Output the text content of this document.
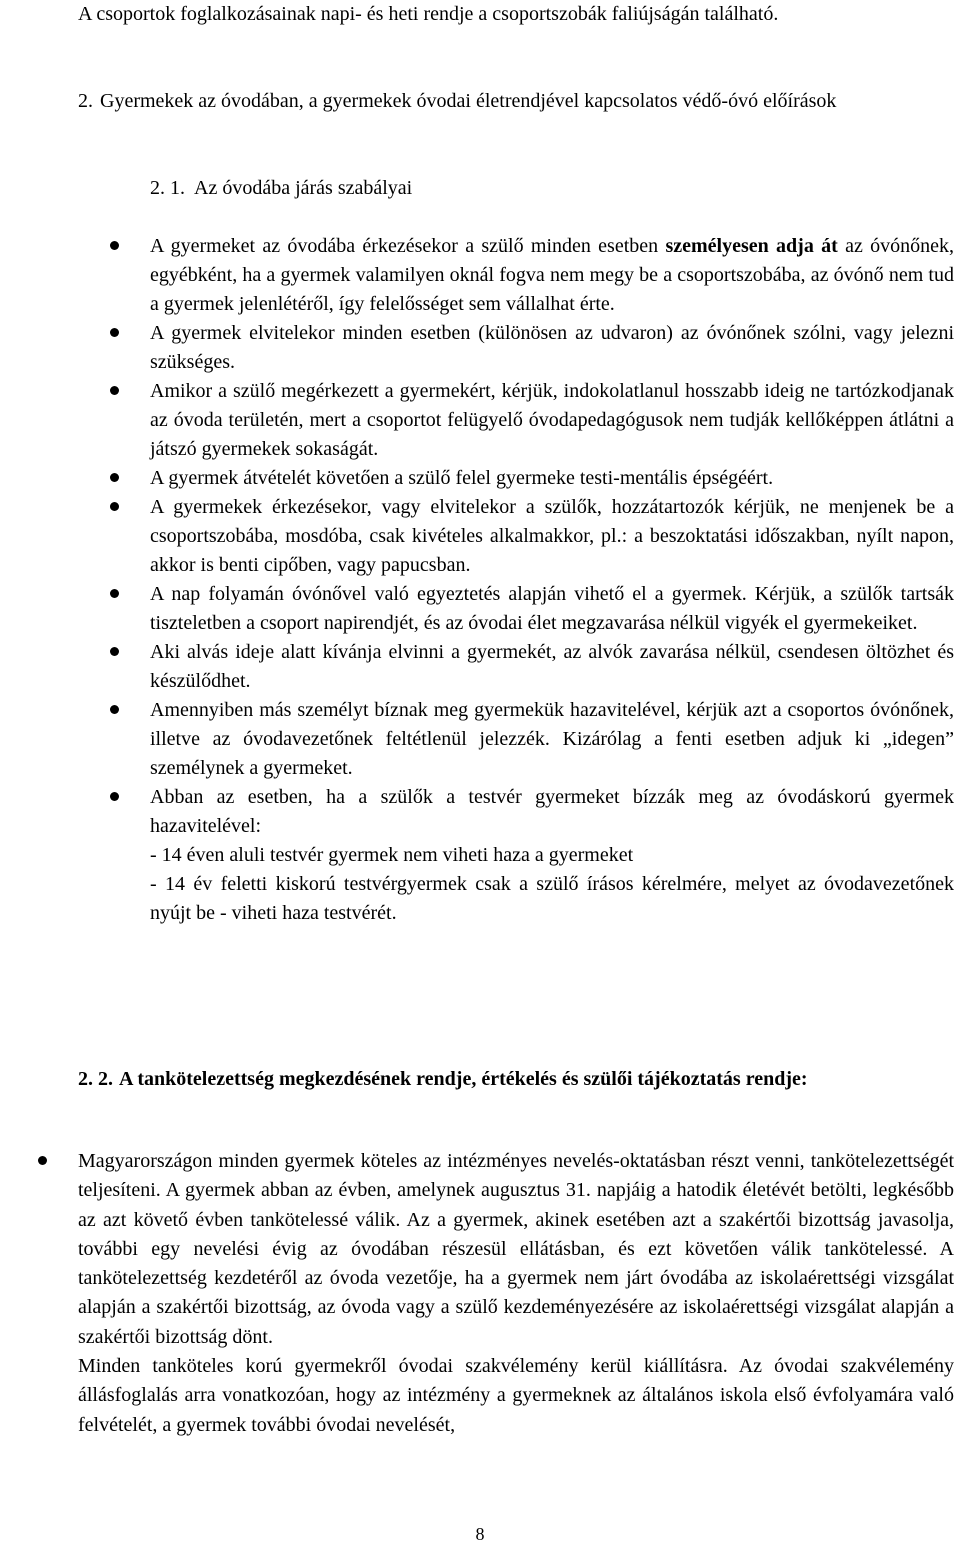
A csoportok foglalkozásainak napi- és heti rendje a csoportszobák faliújságán található.
2. Gyermekek az óvodában, a gyermekek óvodai életrendjével kapcsolatos védő-óvó előírások
2. 1. Az óvodába járás szabályai
A gyermeket az óvodába érkezésekor a szülő minden esetben személyesen adja át az óvónőnek, egyébként, ha a gyermek valamilyen oknál fogva nem megy be a csoportszobába, az óvónő nem tud a gyermek jelenlétéről, így felelősséget sem vállalhat érte.
A gyermek elvitelekor minden esetben (különösen az udvaron) az óvónőnek szólni, vagy jelezni szükséges.
Amikor a szülő megérkezett a gyermekért, kérjük, indokolatlanul hosszabb ideig ne tartózkodjanak az óvoda területén, mert a csoportot felügyelő óvodapedagógusok nem tudják kellőképpen átlátni a játszó gyermekek sokaságát.
A gyermek átvételét követően a szülő felel gyermeke testi-mentális épségéért.
A gyermekek érkezésekor, vagy elvitelekor a szülők, hozzátartozók kérjük, ne menjenek be a csoportszobába, mosdóba, csak kivételes alkalmakkor, pl.: a beszoktatási időszakban, nyílt napon, akkor is benti cipőben, vagy papucsban.
A nap folyamán óvónővel való egyeztetés alapján vihető el a gyermek. Kérjük, a szülők tartsák tiszteletben a csoport napirendjét, és az óvodai élet megzavarása nélkül vigyék el gyermekeiket.
Aki alvás ideje alatt kívánja elvinni a gyermekét, az alvók zavarása nélkül, csendesen öltözhet és készülődhet.
Amennyiben más személyt bíznak meg gyermekük hazavitelével, kérjük azt a csoportos óvónőnek, illetve az óvodavezetőnek feltétlenül jelezzék. Kizárólag a fenti esetben adjuk ki „idegen” személynek a gyermeket.
Abban az esetben, ha a szülők a testvér gyermeket bízzák meg az óvodáskorú gyermek hazavitelével:
- 14 éven aluli testvér gyermek nem viheti haza a gyermeket
- 14 év feletti kiskorú testvérgyermek csak a szülő írásos kérelmére, melyet az óvodavezetőnek nyújt be - viheti haza testvérét.
2. 2. A tankötelezettség megkezdésének rendje, értékelés és szülői tájékoztatás rendje:
Magyarországon minden gyermek köteles az intézményes nevelés-oktatásban részt venni, tankötelezettségét teljesíteni. A gyermek abban az évben, amelynek augusztus 31. napjáig a hatodik életévét betölti, legkésőbb az azt követő évben tankötelessé válik. Az a gyermek, akinek esetében azt a szakértői bizottság javasolja, további egy nevelési évig az óvodában részesül ellátásban, és ezt követően válik tankötelessé. A tankötelezettség kezdetéről az óvoda vezetője, ha a gyermek nem járt óvodába az iskolaérettségi vizsgálat alapján a szakértői bizottság, az óvoda vagy a szülő kezdeményezésére az iskolaérettségi vizsgálat alapján a szakértői bizottság dönt.
Minden tanköteles korú gyermekről óvodai szakvélemény kerül kiállításra. Az óvodai szakvélemény állásfoglalás arra vonatkozóan, hogy az intézmény a gyermeknek az általános iskola első évfolyamára való felvételét, a gyermek további óvodai nevelését,
8
